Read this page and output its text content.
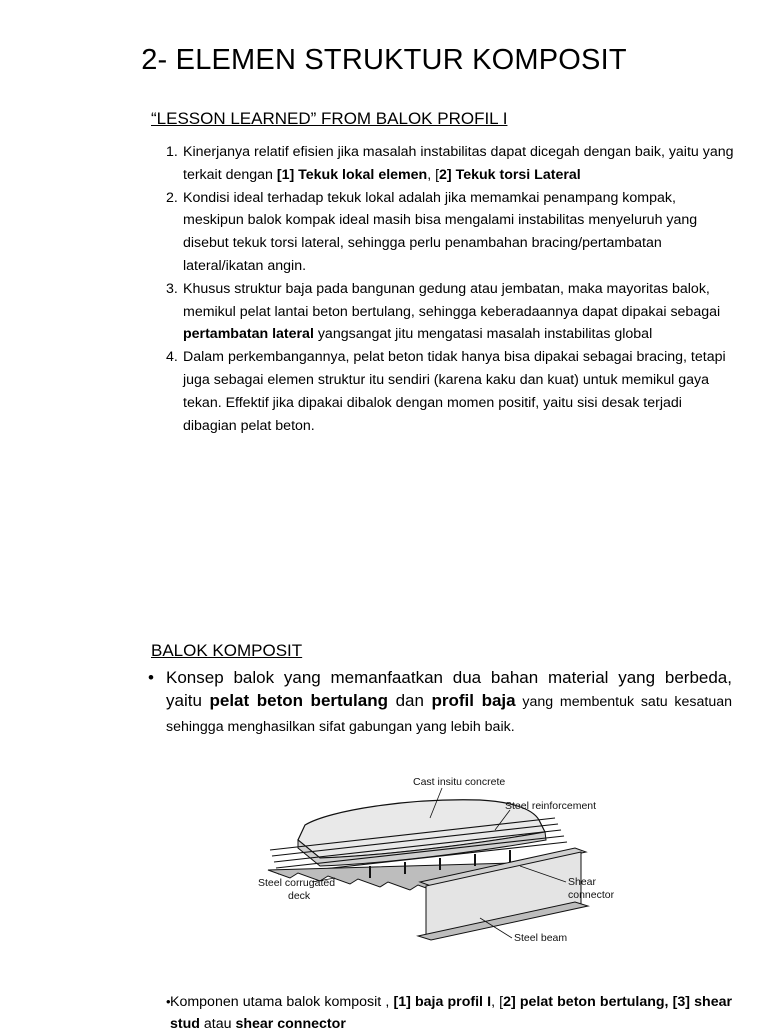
2- ELEMEN STRUKTUR KOMPOSIT
“LESSON LEARNED” FROM BALOK PROFIL I
1. Kinerjanya relatif efisien jika masalah instabilitas dapat dicegah dengan baik, yaitu yang terkait dengan [1] Tekuk lokal elemen, [2] Tekuk torsi Lateral
2. Kondisi ideal terhadap tekuk lokal adalah jika memamkai penampang kompak, meskipun balok kompak ideal masih bisa mengalami instabilitas menyeluruh yang disebut tekuk torsi lateral, sehingga perlu penambahan bracing/pertambatan lateral/ikatan angin.
3. Khusus struktur baja pada bangunan gedung atau jembatan, maka mayoritas balok, memikul pelat lantai beton bertulang, sehingga keberadaannya dapat dipakai sebagai pertambatan lateral yangsangat jitu mengatasi masalah instabilitas global
4. Dalam perkembangannya, pelat beton tidak hanya bisa dipakai sebagai bracing, tetapi juga sebagai elemen struktur itu sendiri (karena kaku dan kuat) untuk memikul gaya tekan. Effektif jika dipakai dibalok dengan momen positif, yaitu sisi desak terjadi dibagian pelat beton.
BALOK KOMPOSIT
• Konsep balok yang memanfaatkan dua bahan material yang berbeda, yaitu pelat beton bertulang dan profil baja yang membentuk satu kesatuan sehingga menghasilkan sifat gabungan yang lebih baik.
Cast insitu concrete
Steel reinforcement
Steel corrugated
deck
Shear
connector
Steel beam
• Komponen utama balok komposit , [1] baja profil I, [2] pelat beton bertulang, [3] shear stud atau shear connector
